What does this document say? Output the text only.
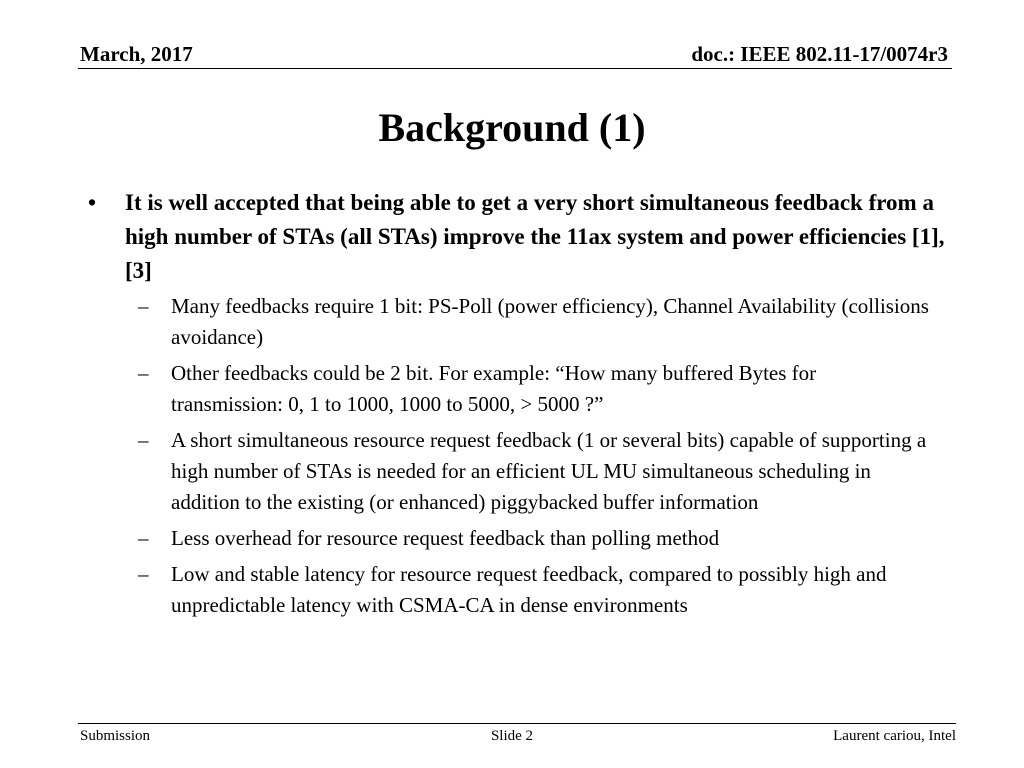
March, 2017	doc.: IEEE 802.11-17/0074r3
Background (1)
• It is well accepted that being able to get a very short simultaneous feedback from a high number of STAs (all STAs) improve the 11ax system and power efficiencies [1], [3]
– Many feedbacks require 1 bit: PS-Poll (power efficiency), Channel Availability (collisions avoidance)
– Other feedbacks could be 2 bit. For example: “How many buffered Bytes for transmission: 0, 1 to 1000, 1000 to 5000, > 5000 ?”
– A short simultaneous resource request feedback (1 or several bits) capable of supporting a high number of STAs is needed for an efficient UL MU simultaneous scheduling in addition to the existing (or enhanced) piggybacked buffer information
– Less overhead for resource request feedback than polling method
– Low and stable latency for resource request feedback, compared to possibly high and unpredictable latency with CSMA-CA in dense environments
Submission	Slide 2	Laurent cariou, Intel
